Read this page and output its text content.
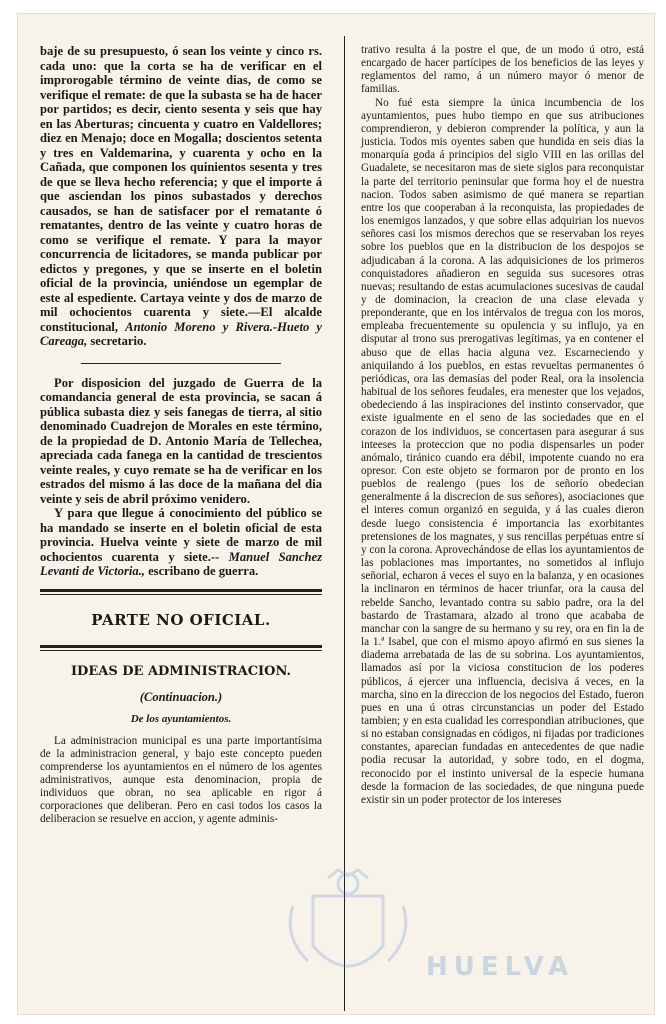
baje de su presupuesto, ó sean los veinte y cinco rs. cada uno: que la corta se ha de verificar en el improrogable término de veinte dias, de como se verifique el remate: de que la subasta se ha de hacer por partidos; es decir, ciento sesenta y seis que hay en las Aberturas; cincuenta y cuatro en Valdellores; diez en Menajo; doce en Mogalla; doscientos setenta y tres en Valdemarina, y cuarenta y ocho en la Cañada, que componen los quinientos sesenta y tres de que se lleva hecho referencia; y que el importe á que asciendan los pinos subastados y derechos causados, se han de satisfacer por el rematante ó rematantes, dentro de las veinte y cuatro horas de como se verifique el remate. Y para la mayor concurrencia de licitadores, se manda publicar por edictos y pregones, y que se inserte en el boletin oficial de la provincia, uniéndose un egemplar de este al espediente. Cartaya veinte y dos de marzo de mil ochocientos cuarenta y siete.—El alcalde constitucional, Antonio Moreno y Rivera.-Hueto y Careaga, secretario.

Por disposicion del juzgado de Guerra de la comandancia general de esta provincia, se sacan á pública subasta diez y seis fanegas de tierra, al sitio denominado Cuadrejon de Morales en este término, de la propiedad de D. Antonio María de Tellechea, apreciada cada fanega en la cantidad de trescientos veinte reales, y cuyo remate se ha de verificar en los estrados del mismo á las doce de la mañana del dia veinte y seis de abril próximo venidero.

Y para que llegue á conocimiento del público se ha mandado se inserte en el boletin oficial de esta provincia. Huelva veinte y siete de marzo de mil ochocientos cuarenta y siete.-- Manuel Sanchez Levanti de Victoria., escribano de guerra.

PARTE NO OFICIAL.
IDEAS DE ADMINISTRACION.
(Continuacion.)
De los ayuntamientos.

La administracion municipal es una parte importantísima de la administracion general, y bajo este concepto pueden comprenderse los ayuntamientos en el número de los agentes administrativos, aunque esta denominacion, propia de individuos que obran, no sea aplicable en rigor á corporaciones que deliberan. Pero en casi todos los casos la deliberacion se resuelve en accion, y agente adminis-

trativo resulta á la postre el que, de un modo ú otro, está encargado de hacer partícipes de los beneficios de las leyes y reglamentos del ramo, á un número mayor ó menor de familias.

No fué esta siempre la única incumbencia de los ayuntamientos, pues hubo tiempo en que sus atribuciones comprendieron, y debieron comprender la política, y aun la justicia. Todos mis oyentes saben que hundida en seis dias la monarquía goda á principios del siglo VIII en las orillas del Guadalete, se necesitaron mas de siete siglos para reconquistar la parte del territorio peninsular que forma hoy el de nuestra nacion. Todos saben asimismo de qué manera se repartian entre los que cooperaban á la reconquista, las propiedades de los enemigos lanzados, y que sobre ellas adquirian los nuevos señores casi los mismos derechos que se reservaban los reyes sobre los pueblos que en la distribucion de los despojos se adjudicaban á la corona. A las adquisiciones de los primeros conquistadores añadieron en seguida sus sucesores otras nuevas; resultando de estas acumulaciones sucesivas de caudal y de dominacion, la creacion de una clase elevada y preponderante, que en los intérvalos de tregua con los moros, empleaba frecuentemente su opulencia y su influjo, ya en disputar al trono sus prerogativas legítimas, ya en contener el abuso que de ellas hacia alguna vez. Escarneciendo y aniquilando á los pueblos, en estas revueltas permanentes ó periódicas, ora las demasías del poder Real, ora la insolencia habitual de los señores feudales, era menester que los vejados, obedeciendo á las inspiraciones del instinto conservador, que existe igualmente en el seno de las sociedades que en el corazon de los individuos, se concertasen para asegurar á sus inteeses la proteccion que no podia dispensarles un poder anómalo, tiránico cuando era débil, impotente cuando no era opresor. Con este objeto se formaron por de pronto en los pueblos de realengo (pues los de señorío obedecian generalmente á la discrecion de sus señores), asociaciones que el interes comun organizó en seguida, y á las cuales dieron desde luego consistencia é importancia las exorbitantes pretensiones de los magnates, y sus rencillas perpétuas entre sí y con la corona. Aprovechándose de ellas los ayuntamientos de las poblaciones mas importantes, no sometidos al influjo señorial, echaron á veces el suyo en la balanza, y en ocasiones la inclinaron en términos de hacer triunfar, ora la causa del rebelde Sancho, levantado contra su sabio padre, ora la del bastardo de Trastamara, alzado al trono que acababa de manchar con la sangre de su hermano y su rey, ora en fin la de la 1.ª Isabel, que con el mismo apoyo afirmó en sus sienes la diadema arrebatada de las de su sobrina. Los ayuntamientos, llamados así por la viciosa constitucion de los poderes públicos, á ejercer una influencia, decisiva á veces, en la marcha, sino en la direccion de los negocios del Estado, fueron pues en una ú otras circunstancias un poder del Estado tambien; y en esta cualidad les correspondian atribuciones, que si no estaban consignadas en códigos, ni fijadas por tradiciones constantes, aparecian fundadas en antecedentes de que nadie podia recusar la autoridad, y sobre todo, en el dogma, reconocido por el instinto universal de la especie humana desde la formacion de las sociedades, de que ninguna puede existir sin un poder protector de los intereses

HUELVA
